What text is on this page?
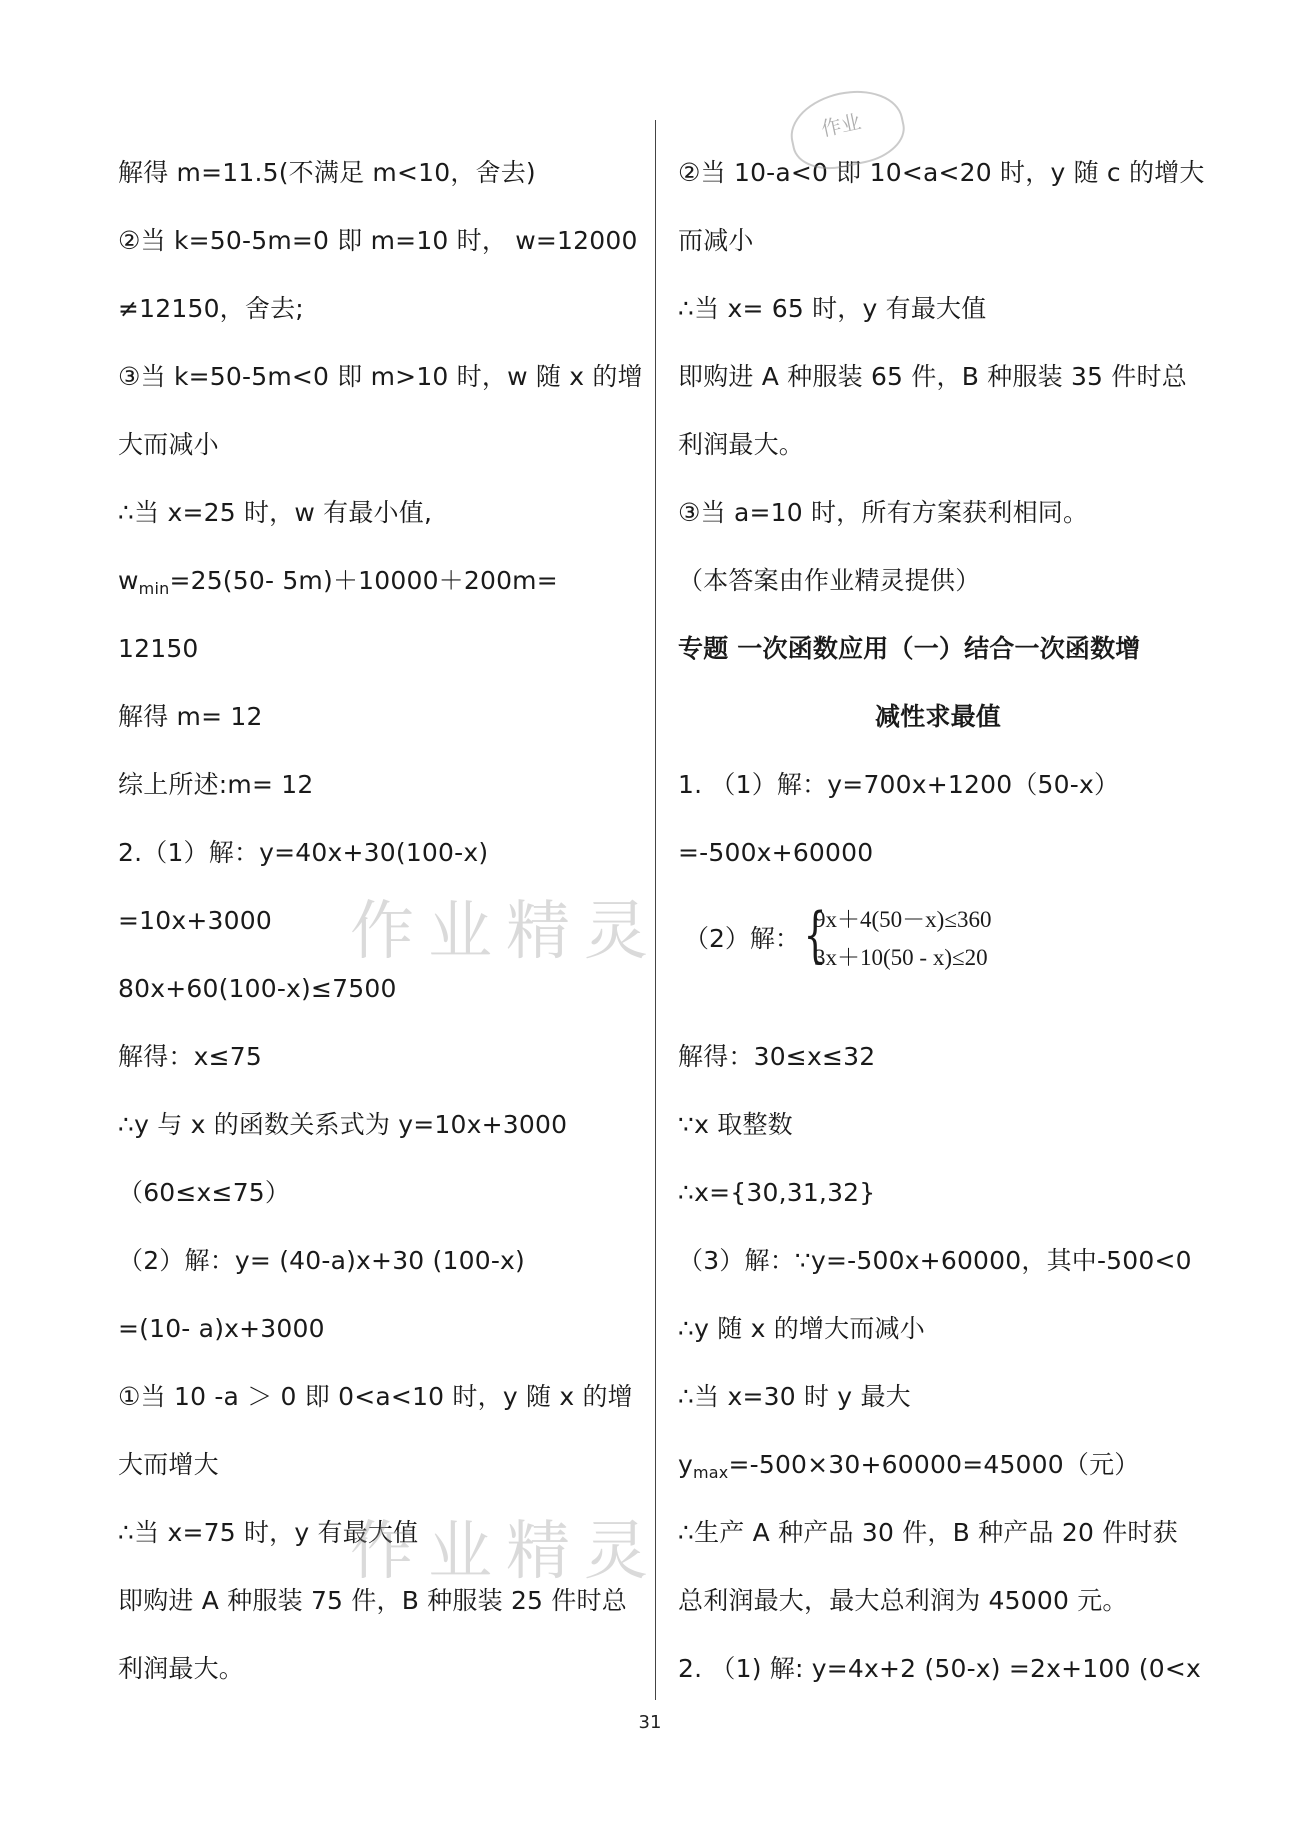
解得 m=11.5(不满足 m<10，舍去)
②当 k=50-5m=0 即 m=10 时， w=12000
≠12150，舍去;
③当 k=50-5m<0 即 m>10 时，w 随 x 的增
大而减小
∴当 x=25 时，w 有最小值,
$w_{min}=25(50-$ 5m)＋10000＋200m=
12150
解得 m= 12
综上所述:m= 12
2.（1）解：y=40x+30(100-x)
=10x+3000
80x+60(100-x)≤7500
解得：x≤75
∴y 与 x 的函数关系式为 y=10x+3000
（60≤x≤75）
（2）解：y= (40-a)x+30 (100-x)
=(10- a)x+3000
①当 10 -a ＞ 0 即 0<a<10 时，y 随 x 的增
大而增大
∴当 x=75 时，y 有最大值
即购进 A 种服装 75 件，B 种服装 25 件时总
利润最大。
②当 10-a<0 即 10<a<20 时，y 随 c 的增大
而减小
∴当 x= 65 时，y 有最大值
即购进 A 种服装 65 件，B 种服装 35 件时总
利润最大。
③当 a=10 时，所有方案获利相同。
（本答案由作业精灵提供）
专题 一次函数应用（一）结合一次函数增
减性求最值
1. （1）解：y=700x+1200（50-x）
=-500x+60000
（2）解： {
9x＋4(50－x)≤360
3x＋10(50 - x)≤20
解得：30≤x≤32
∵x 取整数
∴x={30,31,32}
（3）解：∵y=-500x+60000，其中-500<0
∴y 随 x 的增大而减小
∴当 x=30 时 y 最大
$y_{max}=-500\times 30+60000=45000$（元）
∴生产 A 种产品 30 件，B 种产品 20 件时获
总利润最大，最大总利润为 45000 元。
2. （1) 解: y=4x+2 (50-x) =2x+100 (0<x
作业精灵
作业精灵
作业
31
